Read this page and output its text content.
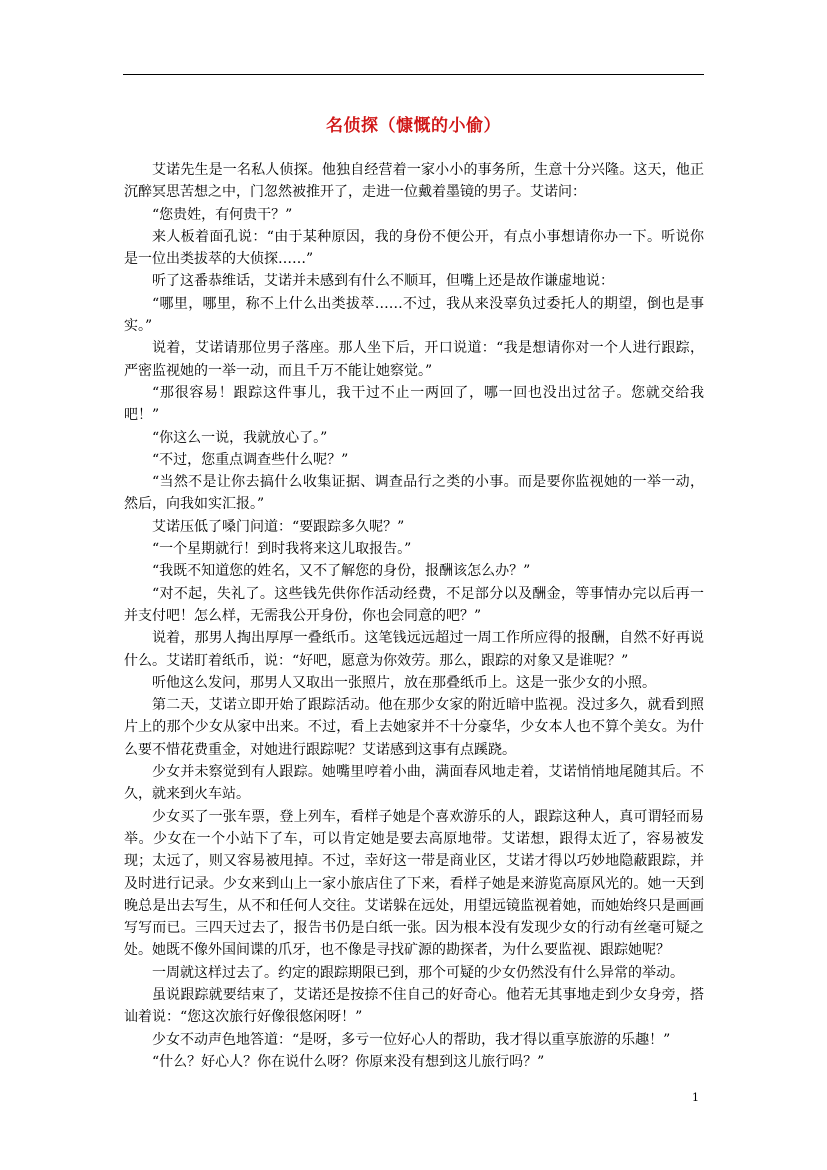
名侦探（慷慨的小偷）

艾诺先生是一名私人侦探。他独自经营着一家小小的事务所，生意十分兴隆。这天，他正沉醉冥思苦想之中，门忽然被推开了，走进一位戴着墨镜的男子。艾诺问：

“您贵姓，有何贵干？”

来人板着面孔说：“由于某种原因，我的身份不便公开，有点小事想请你办一下。听说你是一位出类拔萃的大侦探……”

听了这番恭维话，艾诺并未感到有什么不顺耳，但嘴上还是故作谦虚地说：

“哪里，哪里，称不上什么出类拔萃……不过，我从来没辜负过委托人的期望，倒也是事实。”

说着，艾诺请那位男子落座。那人坐下后，开口说道：“我是想请你对一个人进行跟踪，严密监视她的一举一动，而且千万不能让她察觉。”

“那很容易！跟踪这件事儿，我干过不止一两回了，哪一回也没出过岔子。您就交给我吧！”

“你这么一说，我就放心了。”

“不过，您重点调查些什么呢？”

“当然不是让你去搞什么收集证据、调查品行之类的小事。而是要你监视她的一举一动，然后，向我如实汇报。”

艾诺压低了嗓门问道：“要跟踪多久呢？”

“一个星期就行！到时我将来这儿取报告。”

“我既不知道您的姓名，又不了解您的身份，报酬该怎么办？”

“对不起，失礼了。这些钱先供你作活动经费，不足部分以及酬金，等事情办完以后再一并支付吧！怎么样，无需我公开身份，你也会同意的吧？”

说着，那男人掏出厚厚一叠纸币。这笔钱远远超过一周工作所应得的报酬，自然不好再说什么。艾诺盯着纸币，说：“好吧，愿意为你效劳。那么，跟踪的对象又是谁呢？”

听他这么发问，那男人又取出一张照片，放在那叠纸币上。这是一张少女的小照。

第二天，艾诺立即开始了跟踪活动。他在那少女家的附近暗中监视。没过多久，就看到照片上的那个少女从家中出来。不过，看上去她家并不十分豪华，少女本人也不算个美女。为什么要不惜花费重金，对她进行跟踪呢？艾诺感到这事有点蹊跷。

少女并未察觉到有人跟踪。她嘴里哼着小曲，满面春风地走着，艾诺悄悄地尾随其后。不久，就来到火车站。

少女买了一张车票，登上列车，看样子她是个喜欢游乐的人，跟踪这种人，真可谓轻而易举。少女在一个小站下了车，可以肯定她是要去高原地带。艾诺想，跟得太近了，容易被发现；太远了，则又容易被甩掉。不过，幸好这一带是商业区，艾诺才得以巧妙地隐蔽跟踪，并及时进行记录。少女来到山上一家小旅店住了下来，看样子她是来游览高原风光的。她一天到晚总是出去写生，从不和任何人交往。艾诺躲在远处，用望远镜监视着她，而她始终只是画画写写而已。三四天过去了，报告书仍是白纸一张。因为根本没有发现少女的行动有丝毫可疑之处。她既不像外国间谍的爪牙，也不像是寻找矿源的勘探者，为什么要监视、跟踪她呢？

一周就这样过去了。约定的跟踪期限已到，那个可疑的少女仍然没有什么异常的举动。

虽说跟踪就要结束了，艾诺还是按捺不住自己的好奇心。他若无其事地走到少女身旁，搭讪着说：“您这次旅行好像很悠闲呀！”

少女不动声色地答道：“是呀，多亏一位好心人的帮助，我才得以重享旅游的乐趣！”

“什么？好心人？你在说什么呀？你原来没有想到这儿旅行吗？”

1
